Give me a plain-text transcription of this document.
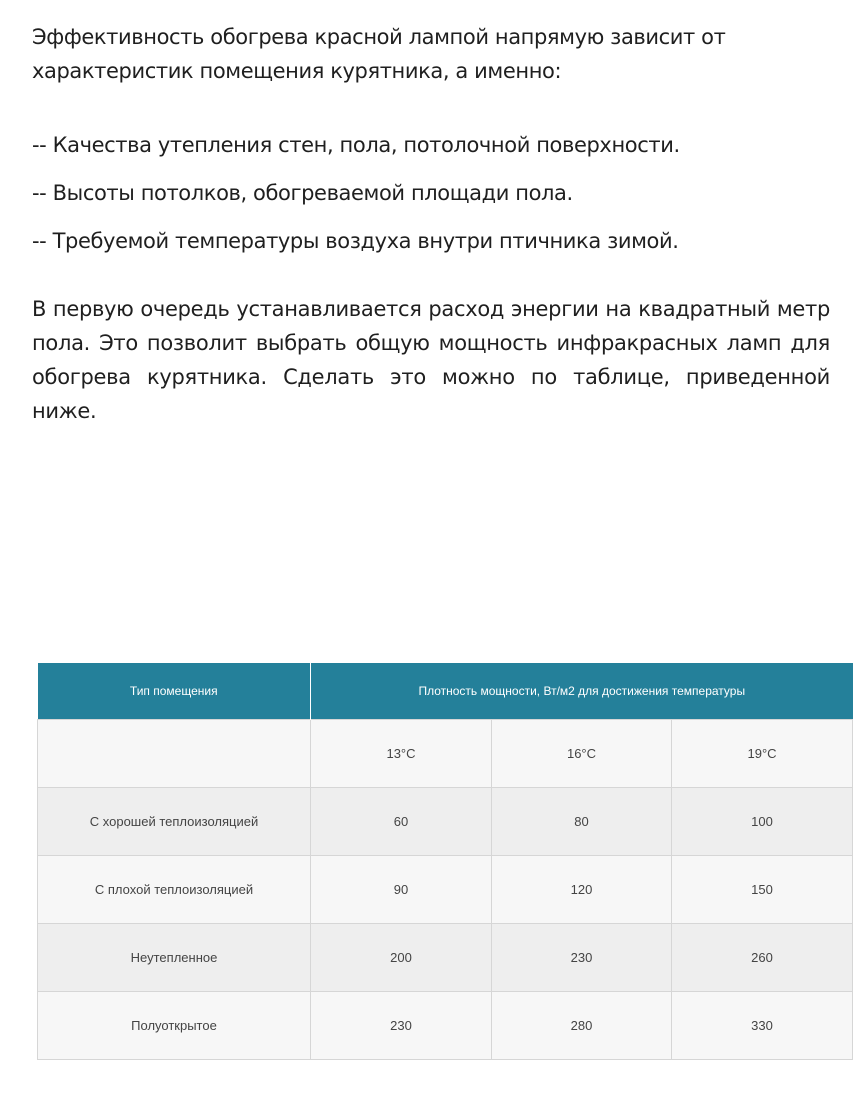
Эффективность обогрева красной лампой напрямую зависит от характеристик помещения курятника, а именно:

-- Качества утепления стен, пола, потолочной поверхности.

-- Высоты потолков, обогреваемой площади пола.

-- Требуемой температуры воздуха внутри птичника зимой.

В первую очередь устанавливается расход энергии на квадратный метр пола. Это позволит выбрать общую мощность инфракрасных ламп для обогрева курятника. Сделать это можно по таблице, приведенной ниже.

Тип помещения	Плотность мощности, Вт/м2 для достижения температуры		
	13°С	16°С	19°С
С хорошей теплоизоляцией	60	80	100
С плохой теплоизоляцией	90	120	150
Неутепленное	200	230	260
Полуоткрытое	230	280	330
